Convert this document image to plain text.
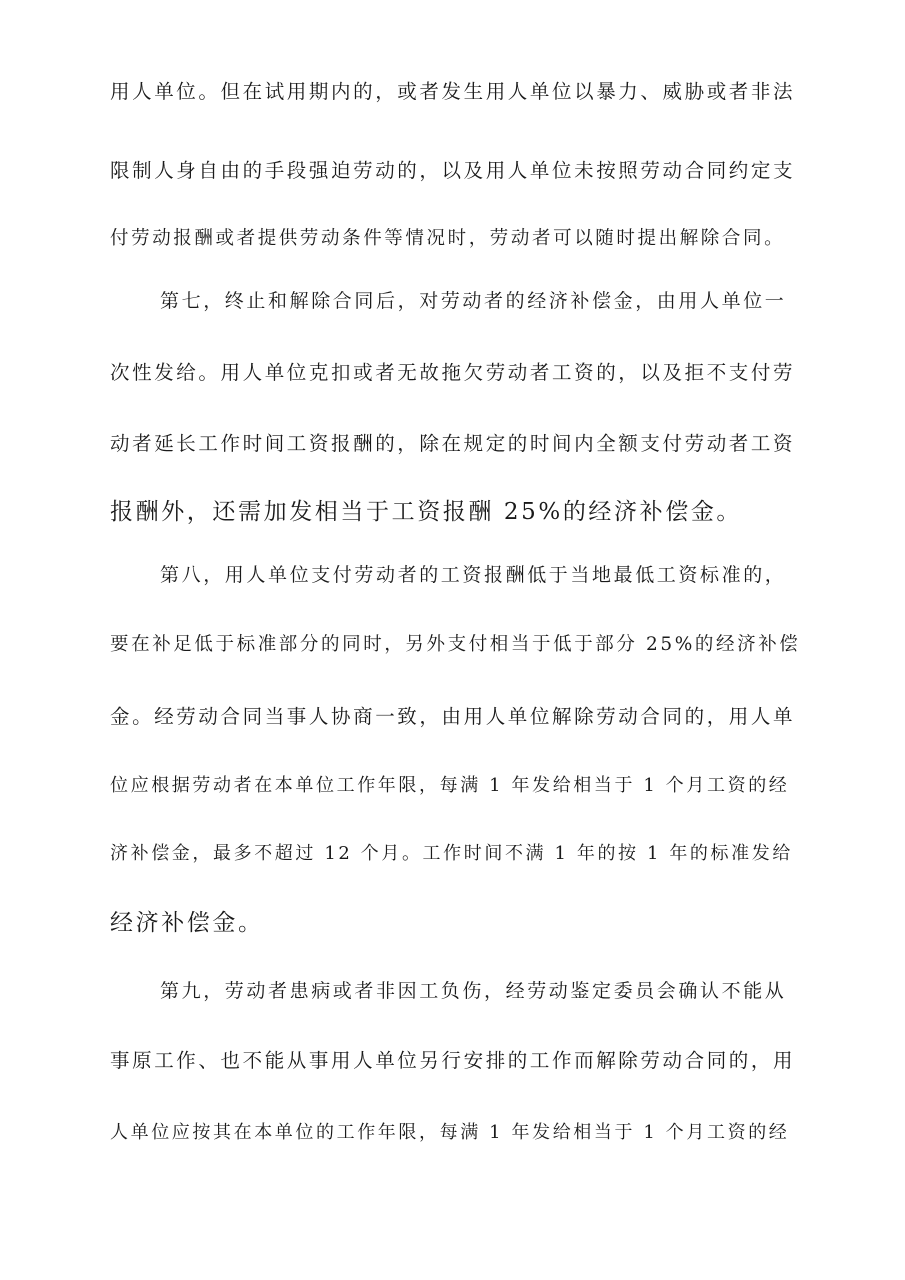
用人单位。但在试用期内的，或者发生用人单位以暴力、威胁或者非法
限制人身自由的手段强迫劳动的，以及用人单位未按照劳动合同约定支
付劳动报酬或者提供劳动条件等情况时，劳动者可以随时提出解除合同。
第七，终止和解除合同后，对劳动者的经济补偿金，由用人单位一
次性发给。用人单位克扣或者无故拖欠劳动者工资的，以及拒不支付劳
动者延长工作时间工资报酬的，除在规定的时间内全额支付劳动者工资
报酬外，还需加发相当于工资报酬 25%的经济补偿金。
第八，用人单位支付劳动者的工资报酬低于当地最低工资标准的，
要在补足低于标准部分的同时，另外支付相当于低于部分 25%的经济补偿
金。经劳动合同当事人协商一致，由用人单位解除劳动合同的，用人单
位应根据劳动者在本单位工作年限，每满 1 年发给相当于 1 个月工资的经
济补偿金，最多不超过 12 个月。工作时间不满 1 年的按 1 年的标准发给
经济补偿金。
第九，劳动者患病或者非因工负伤，经劳动鉴定委员会确认不能从
事原工作、也不能从事用人单位另行安排的工作而解除劳动合同的，用
人单位应按其在本单位的工作年限，每满 1 年发给相当于 1 个月工资的经
